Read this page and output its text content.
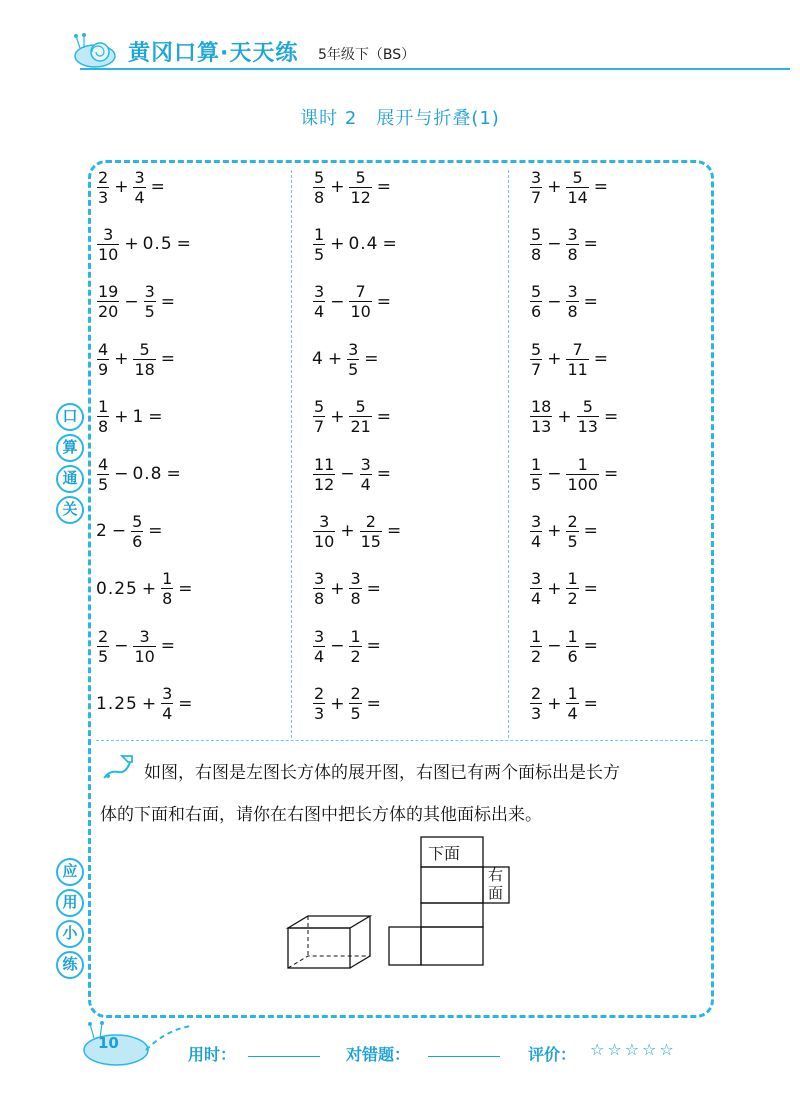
黄冈口算·天天练 5年级下（BS）
课时 2　展开与折叠(1)
口
算
通
关
应
用
小
练
$\frac{2}{3} + \frac{3}{4}$ =
$\frac{3}{10} + 0.5$ =
$\frac{19}{20} - \frac{3}{5}$ =
$\frac{4}{9} + \frac{5}{18}$ =
$\frac{1}{8} + 1$ =
$\frac{4}{5} - 0.8$ =
$2 - \frac{5}{6}$ =
$0.25 + \frac{1}{8}$ =
$\frac{2}{5} - \frac{3}{10}$ =
$1.25 + \frac{3}{4}$ =
$\frac{5}{8} + \frac{5}{12}$ =
$\frac{1}{5} + 0.4$ =
$\frac{3}{4} - \frac{7}{10}$ =
$4 + \frac{3}{5}$ =
$\frac{5}{7} + \frac{5}{21}$ =
$\frac{11}{12} - \frac{3}{4}$ =
$\frac{3}{10} + \frac{2}{15}$ =
$\frac{3}{8} + \frac{3}{8}$ =
$\frac{3}{4} - \frac{1}{2}$ =
$\frac{2}{3} + \frac{2}{5}$ =
$\frac{3}{7} + \frac{5}{14}$ =
$\frac{5}{8} - \frac{3}{8}$ =
$\frac{5}{6} - \frac{3}{8}$ =
$\frac{5}{7} + \frac{7}{11}$ =
$\frac{18}{13} + \frac{5}{13}$ =
$\frac{1}{5} - \frac{1}{100}$ =
$\frac{3}{4} + \frac{2}{5}$ =
$\frac{3}{4} + \frac{1}{2}$ =
$\frac{1}{2} - \frac{1}{6}$ =
$\frac{2}{3} + \frac{1}{4}$ =
如图，右图是左图长方体的展开图，右图已有两个面标出是长方
体的下面和右面，请你在右图中把长方体的其他面标出来。
下面
右
面
10
用时：	对错题：	评价： ☆☆☆☆☆
